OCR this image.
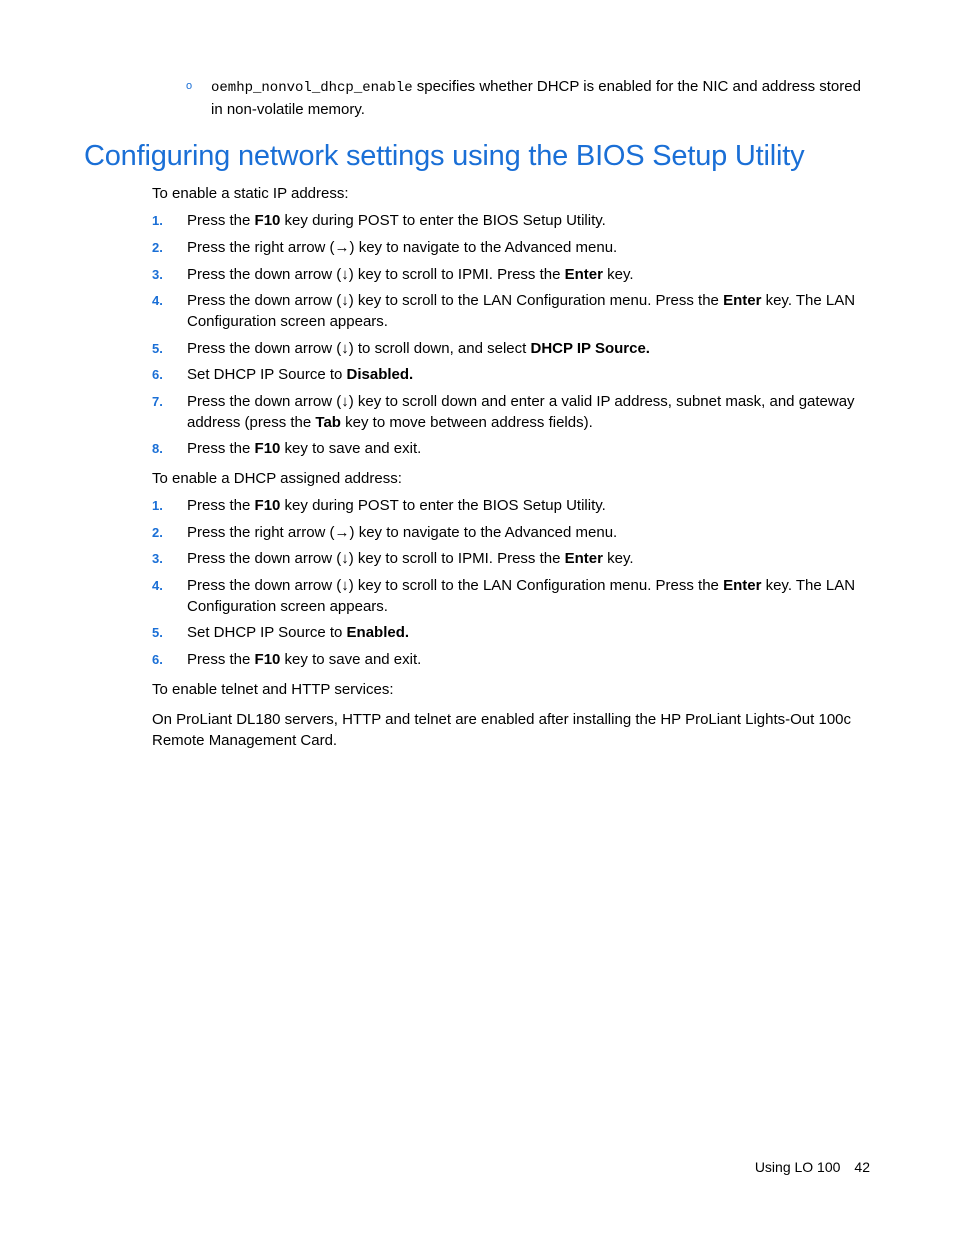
o oemhp_nonvol_dhcp_enable specifies whether DHCP is enabled for the NIC and address stored in non-volatile memory.
Configuring network settings using the BIOS Setup Utility
To enable a static IP address:
1. Press the F10 key during POST to enter the BIOS Setup Utility.
2. Press the right arrow (→) key to navigate to the Advanced menu.
3. Press the down arrow (↓) key to scroll to IPMI. Press the Enter key.
4. Press the down arrow (↓) key to scroll to the LAN Configuration menu. Press the Enter key. The LAN Configuration screen appears.
5. Press the down arrow (↓) to scroll down, and select DHCP IP Source.
6. Set DHCP IP Source to Disabled.
7. Press the down arrow (↓) key to scroll down and enter a valid IP address, subnet mask, and gateway address (press the Tab key to move between address fields).
8. Press the F10 key to save and exit.
To enable a DHCP assigned address:
1. Press the F10 key during POST to enter the BIOS Setup Utility.
2. Press the right arrow (→) key to navigate to the Advanced menu.
3. Press the down arrow (↓) key to scroll to IPMI. Press the Enter key.
4. Press the down arrow (↓) key to scroll to the LAN Configuration menu. Press the Enter key. The LAN Configuration screen appears.
5. Set DHCP IP Source to Enabled.
6. Press the F10 key to save and exit.
To enable telnet and HTTP services:
On ProLiant DL180 servers, HTTP and telnet are enabled after installing the HP ProLiant Lights-Out 100c Remote Management Card.
Using LO 100 42
